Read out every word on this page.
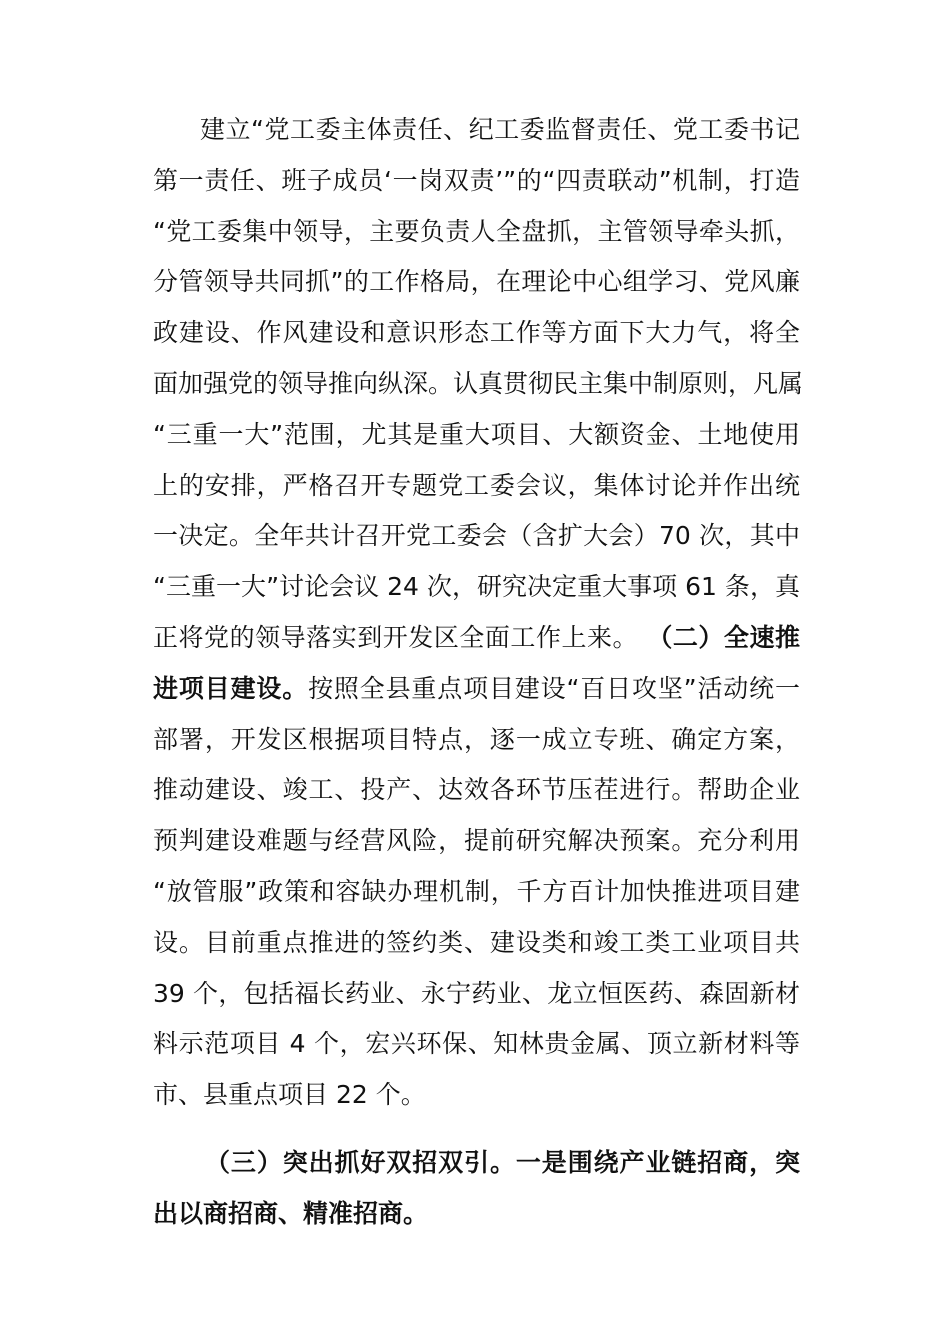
建立“党工委主体责任、纪工委监督责任、党工委书记
第一责任、班子成员‘一岗双责’”的“四责联动”机制，打造
“党工委集中领导，主要负责人全盘抓，主管领导牵头抓，
分管领导共同抓”的工作格局，在理论中心组学习、党风廉
政建设、作风建设和意识形态工作等方面下大力气，将全
面加强党的领导推向纵深。认真贯彻民主集中制原则，凡属
“三重一大”范围，尤其是重大项目、大额资金、土地使用
上的安排，严格召开专题党工委会议，集体讨论并作出统
一决定。全年共计召开党工委会（含扩大会）70 次，其中
“三重一大”讨论会议 24 次，研究决定重大事项 61 条，真
正将党的领导落实到开发区全面工作上来。 （二）全速推
进项目建设。按照全县重点项目建设“百日攻坚”活动统一
部署，开发区根据项目特点，逐一成立专班、确定方案，
推动建设、竣工、投产、达效各环节压茬进行。帮助企业
预判建设难题与经营风险，提前研究解决预案。充分利用
“放管服”政策和容缺办理机制，千方百计加快推进项目建
设。目前重点推进的签约类、建设类和竣工类工业项目共
39 个，包括福长药业、永宁药业、龙立恒医药、森固新材
料示范项目 4 个，宏兴环保、知林贵金属、顶立新材料等
市、县重点项目 22 个。
（三）突出抓好双招双引。一是围绕产业链招商，突
出以商招商、精准招商。
